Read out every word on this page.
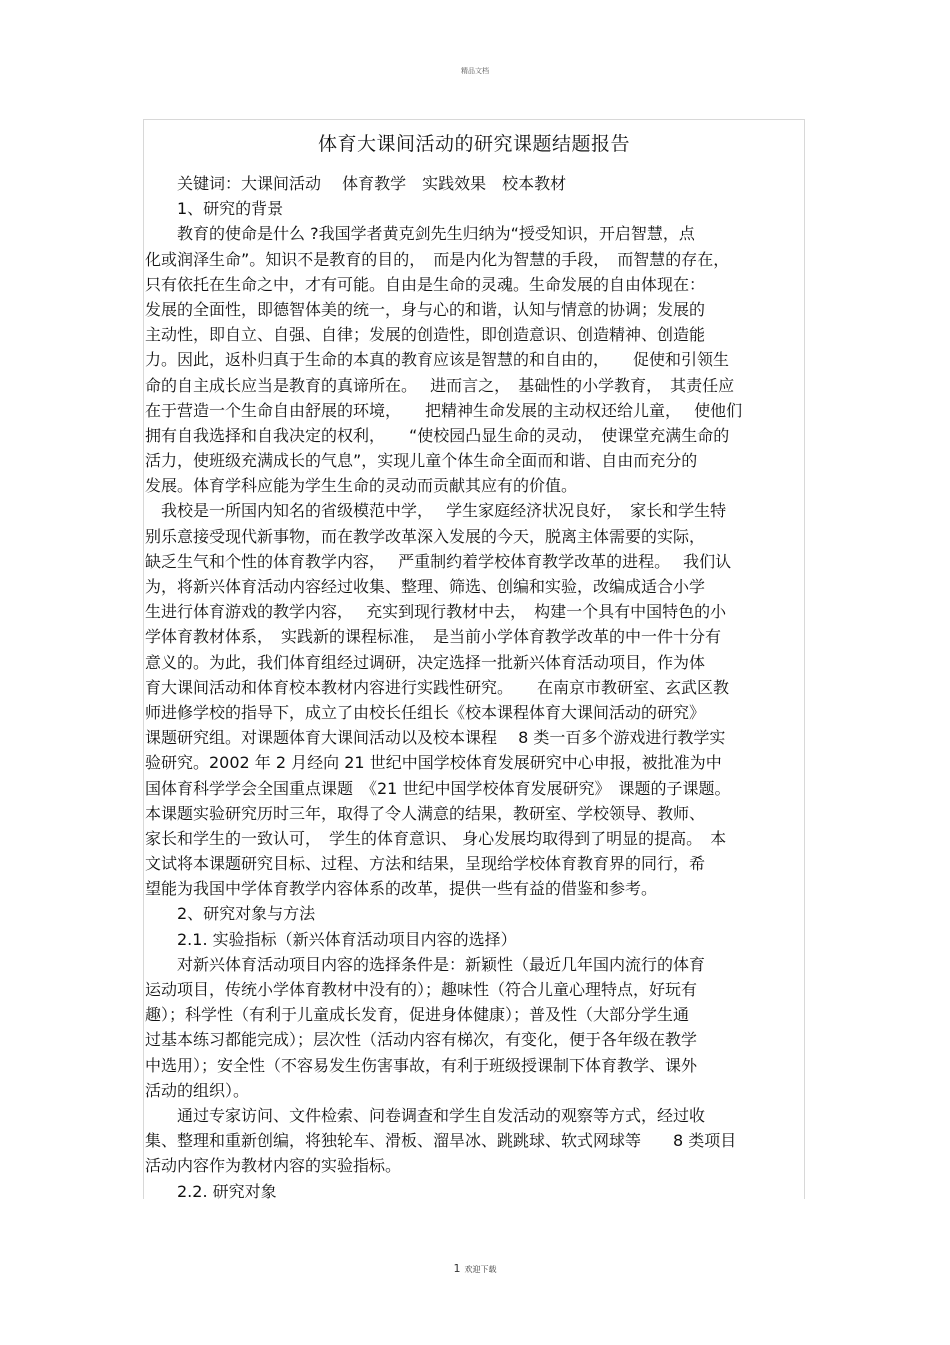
精品文档
体育大课间活动的研究课题结题报告
关键词：大课间活动　 体育教学　实践效果　校本教材
1、研究的背景
教育的使命是什么 ?我国学者黄克剑先生归纳为“授受知识，开启智慧，点
化或润泽生命”。知识不是教育的目的，　而是内化为智慧的手段，　而智慧的存在，
只有依托在生命之中，才有可能。自由是生命的灵魂。生命发展的自由体现在：
发展的全面性，即德智体美的统一，身与心的和谐，认知与情意的协调；发展的
主动性，即自立、自强、自律；发展的创造性，即创造意识、创造精神、创造能
力。因此，返朴归真于生命的本真的教育应该是智慧的和自由的，　　促使和引领生
命的自主成长应当是教育的真谛所在。　 进而言之，　基础性的小学教育，　其责任应
在于营造一个生命自由舒展的环境，　　把精神生命发展的主动权还给儿童，　 使他们
拥有自我选择和自我决定的权利，　　“使校园凸显生命的灵动，　使课堂充满生命的
活力，使班级充满成长的气息”，实现儿童个体生命全面而和谐、自由而充分的
发展。体育学科应能为学生生命的灵动而贡献其应有的价值。
我校是一所国内知名的省级模范中学，　 学生家庭经济状况良好，　家长和学生特
别乐意接受现代新事物，而在教学改革深入发展的今天，脱离主体需要的实际，
缺乏生气和个性的体育教学内容，　 严重制约着学校体育教学改革的进程。　 我们认
为，将新兴体育活动内容经过收集、整理、筛选、创编和实验，改编成适合小学
生进行体育游戏的教学内容，　 充实到现行教材中去，　构建一个具有中国特色的小
学体育教材体系，　实践新的课程标准，　是当前小学体育教学改革的中一件十分有
意义的。为此，我们体育组经过调研，决定选择一批新兴体育活动项目，作为体
育大课间活动和体育校本教材内容进行实践性研究。　　在南京市教研室、玄武区教
师进修学校的指导下，成立了由校长任组长《校本课程体育大课间活动的研究》
课题研究组。对课题体育大课间活动以及校本课程　 8 类一百多个游戏进行教学实
验研究。2002 年 2 月经向 21 世纪中国学校体育发展研究中心申报，被批准为中
国体育科学学会全国重点课题　《21 世纪中国学校体育发展研究》　课题的子课题。
本课题实验研究历时三年，取得了令人满意的结果，教研室、学校领导、教师、
家长和学生的一致认可，　学生的体育意识、 身心发展均取得到了明显的提高。　本
文试将本课题研究目标、过程、方法和结果，呈现给学校体育教育界的同行，希
望能为我国中学体育教学内容体系的改革，提供一些有益的借鉴和参考。
2、研究对象与方法
2.1. 实验指标（新兴体育活动项目内容的选择）
对新兴体育活动项目内容的选择条件是：新颖性（最近几年国内流行的体育
运动项目，传统小学体育教材中没有的）；趣味性（符合儿童心理特点，好玩有
趣）；科学性（有利于儿童成长发育，促进身体健康）；普及性（大部分学生通
过基本练习都能完成）；层次性（活动内容有梯次，有变化，便于各年级在教学
中选用）；安全性（不容易发生伤害事故，有利于班级授课制下体育教学、课外
活动的组织）。
通过专家访问、文件检索、问卷调查和学生自发活动的观察等方式，经过收
集、整理和重新创编，将独轮车、滑板、溜旱冰、跳跳球、软式网球等　　8 类项目
活动内容作为教材内容的实验指标。
2.2. 研究对象
1 欢迎下载
